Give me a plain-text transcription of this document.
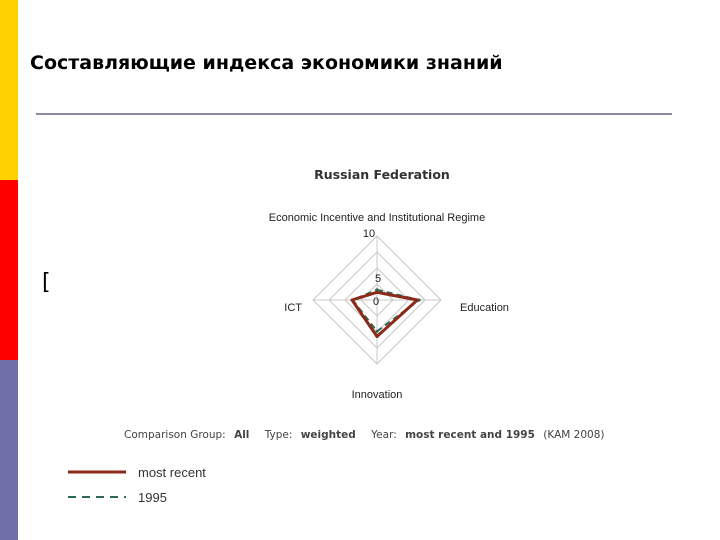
Составляющие индекса экономики знаний
[
Russian Federation
Economic Incentive and Institutional Regime
Education
Innovation
ICT
10
5
0
Comparison Group: All Type: weighted Year: most recent and 1995 (KAM 2008)
most recent
1995
